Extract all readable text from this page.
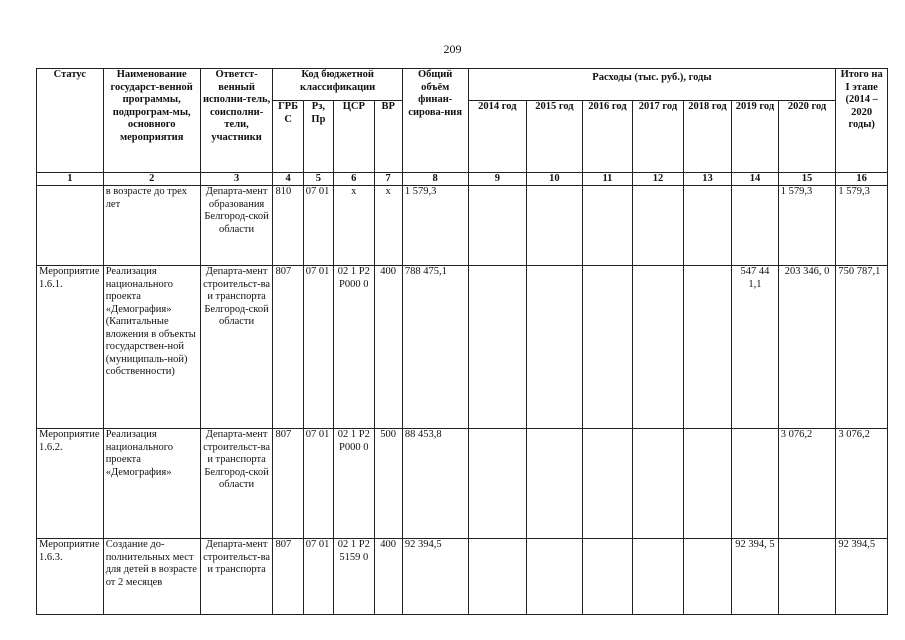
209
Статус	Наименование государст-венной программы, подпрограм-мы, основного мероприятия	Ответст-венный исполни-тель, соисполни-тели, участники	Код бюджетной классификации				Общий объём финан-сирова-ния	Расходы (тыс. руб.), годы							Итого на I этапе (2014 – 2020 годы)
			ГРБ С	Рз, Пр	ЦСР	ВР		2014 год	2015 год	2016 год	2017 год	2018 год	2019 год	2020 год	
1	2	3	4	5	6	7	8	9	10	11	12	13	14	15	16
	в возрасте до трех лет	Департа-мент образования Белгород-ской области	810	07 01	х	х	1 579,3							1 579,3	1 579,3
Мероприятие 1.6.1.	Реализация национального проекта «Демография» (Капитальные вложения в объекты государствен-ной (муниципаль-ной) собственности)	Департа-мент строительст-ва и транспорта Белгород-ской области	807	07 01	02 1 P2 P000 0	400	788 475,1						547 44 1,1	203 346, 0	750 787,1
Мероприятие 1.6.2.	Реализация национального проекта «Демография»	Департа-мент строительст-ва и транспорта Белгород-ской области	807	07 01	02 1 P2 P000 0	500	88 453,8							3 076,2	3 076,2
Мероприятие 1.6.3.	Создание до-полнительных мест для детей в возрасте от 2 месяцев	Департа-мент строительст-ва и транспорта	807	07 01	02 1 P2 5159 0	400	92 394,5						92 394, 5		92 394,5
